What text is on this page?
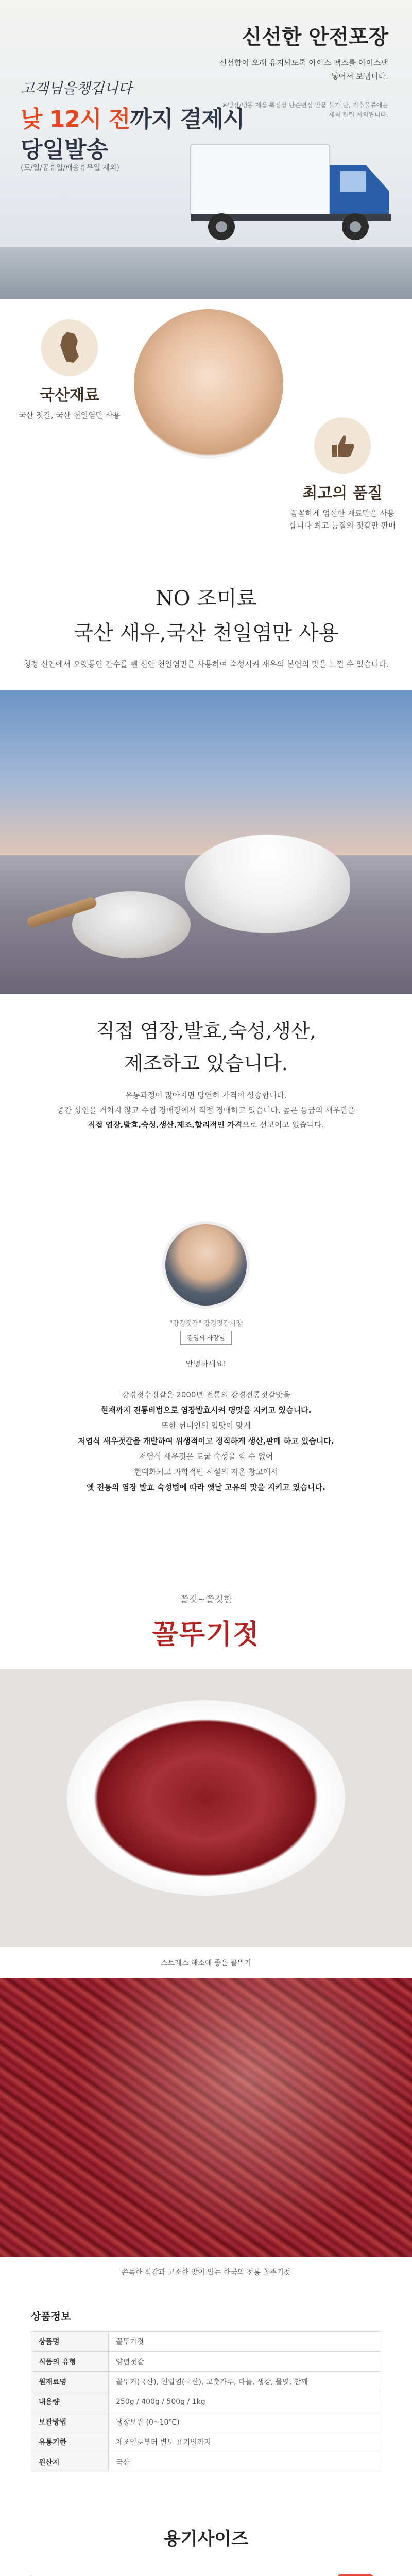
신선한 안전포장
신선함이 오래 유지되도록 아이스 팩스를 아이스팩 넣어서 보냅니다.
※냉장/냉동 제품 특성상 단순변심 반품 불가 단, 기후물류에는 세척 관련 제외됩니다.
고객님을챙깁니다
낮 12시 전까지 결제시
당일발송
(토/일/공휴일/배송휴무일 제외)
국산재료
국산 젓갈, 국산 천일염만 사용
최고의 품질
꼼꼼하게 엄선한 재료만을 사용합니다 최고 품질의 젓갈만 판매
NO 조미료
국산 새우,국산 천일염만 사용

청정 신안에서 오랫동안 간수를 뺀 신안 천일염만을 사용하여 숙성시켜 새우의 본연의 맛을 느낄 수 있습니다.

직접 염장,발효,숙성,생산,
제조하고 있습니다.

유통과정이 많아지면 당연히 가격이 상승합니다.
중간 상인을 거치지 않고 수협 경매장에서 직접 경매하고 있습니다. 높은 등급의 새우만을
직접 염장,발효,숙성,생산,제조,합리적인 가격으로 선보이고 있습니다.

"강경젓갈" 강경젓갈시장
김영씨 사장님

안녕하세요!

강경젓수정갈은 2000년 전통의 강경전통젓갈맛을
현재까지 전통비법으로 염장발효시켜 명맛을 지키고 있습니다.
또한 현대인의 입맛이 맞게
저염식 새우젓갈을 개발하여 위생적이고 정직하게 생산,판매 하고 있습니다.
저염식 새우젓은 토굴 숙성을 할 수 없어
현대화되고 과학적인 시설의 저온 창고에서
옛 전통의 염장 발효 숙성법에 따라 옛날 고유의 맛을 지키고 있습니다.

쫄깃~쫄깃한
꼴뚜기젓
스트레스 해소에 좋은 꼴뚜기
쫀득한 식감과 고소한 맛이 있는 한국의 전통 꼴뚜기젓
상품정보
상품명	꼴뚜기젓
식품의 유형	양념젓갈
원재료명	꼴뚜기(국산), 천일염(국산), 고춧가루, 마늘, 생강, 물엿, 참깨
내용량	250g / 400g / 500g / 1kg
보관방법	냉장보관 (0~10℃)
유통기한	제조일로부터 별도 표기일까지
원산지	국산
용기사이즈
